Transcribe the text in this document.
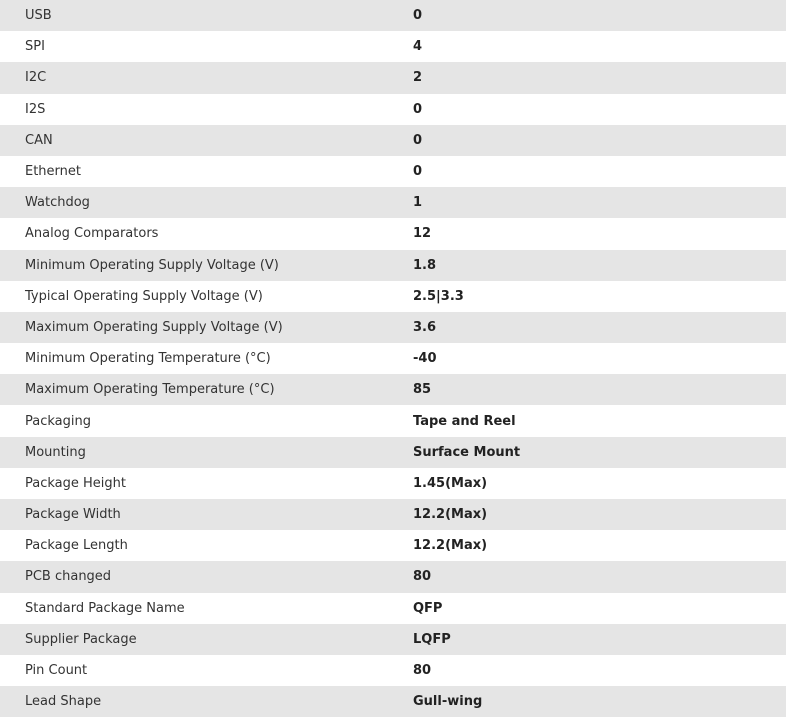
USB	0
SPI	4
I2C	2
I2S	0
CAN	0
Ethernet	0
Watchdog	1
Analog Comparators	12
Minimum Operating Supply Voltage (V)	1.8
Typical Operating Supply Voltage (V)	2.5|3.3
Maximum Operating Supply Voltage (V)	3.6
Minimum Operating Temperature (°C)	-40
Maximum Operating Temperature (°C)	85
Packaging	Tape and Reel
Mounting	Surface Mount
Package Height	1.45(Max)
Package Width	12.2(Max)
Package Length	12.2(Max)
PCB changed	80
Standard Package Name	QFP
Supplier Package	LQFP
Pin Count	80
Lead Shape	Gull-wing
